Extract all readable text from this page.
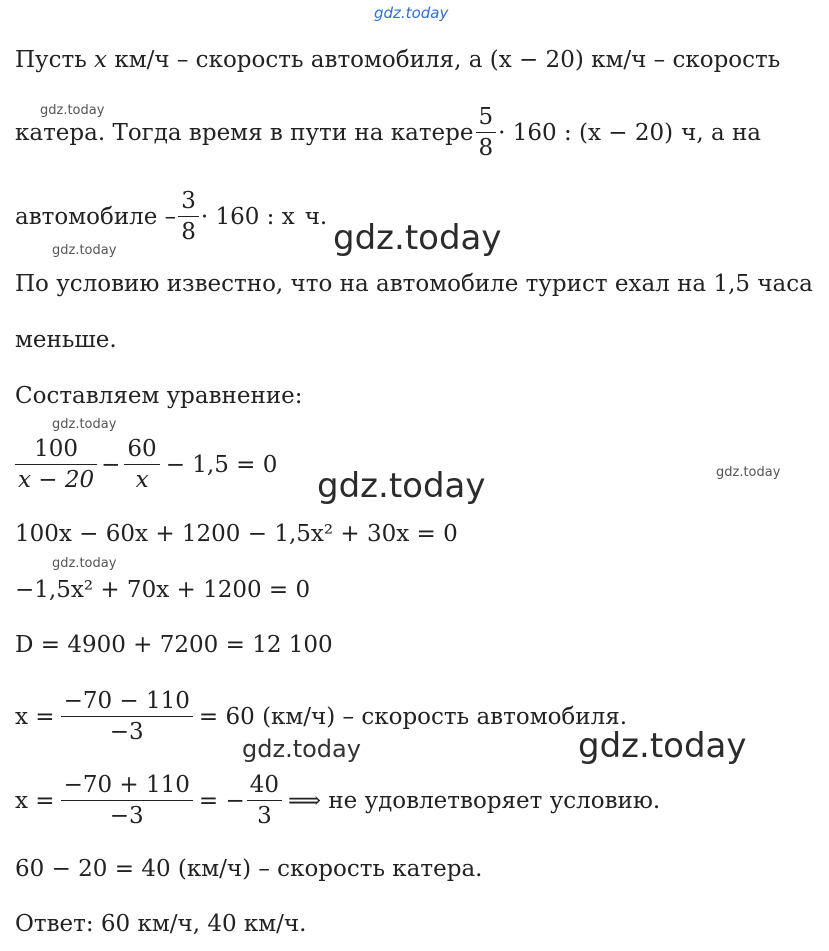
gdz.today
Пусть x км/ч – скорость автомобиля, а (x − 20) км/ч – скорость
gdz.today
катера. Тогда время в пути на катере $\frac{5}{8} \cdot 160$ : (x − 20) ч, а на
автомобиле – $\frac{3}{8} \cdot 160$ : x ч.
gdz.today
gdz.today
По условию известно, что на автомобиле турист ехал на 1,5 часа
меньше.
Составляем уравнение:
gdz.today
$\frac{100}{x - 20} - \frac{60}{x} - 1,5 = 0$
gdz.today	gdz.today
100x − 60x + 1200 − 1,5x² + 30x = 0
gdz.today
−1,5x² + 70x + 1200 = 0
D = 4900 + 7200 = 12 100
$x = \frac{-70 - 110}{-3} = 60$ (км/ч) – скорость автомобиля.
gdz.today	gdz.today
$x = \frac{-70 + 110}{-3}$ = − $\frac{40}{3}$ ⟹ не удовлетворяет условию.
60 − 20 = 40 (км/ч) – скорость катера.
Ответ: 60 км/ч, 40 км/ч.
